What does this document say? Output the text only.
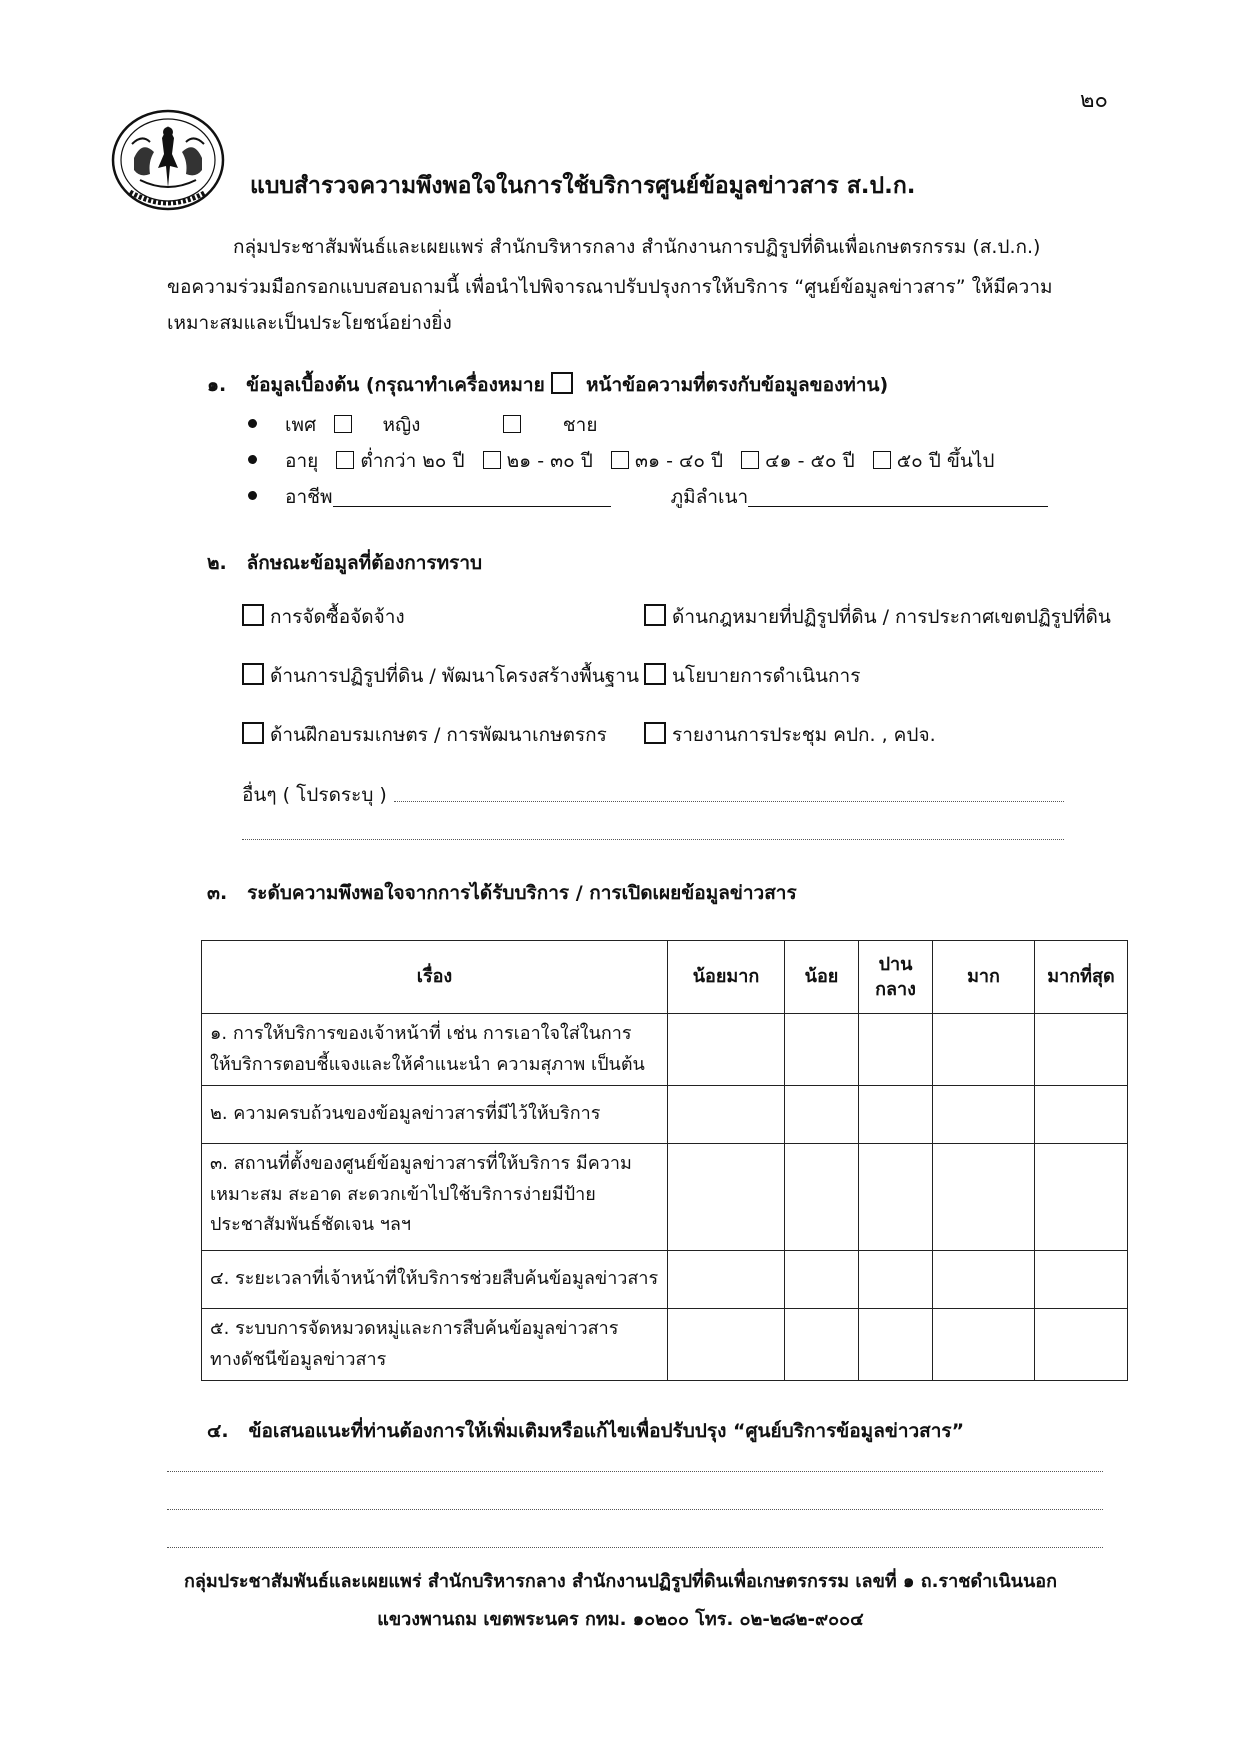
๒๐
แบบสำรวจความพึงพอใจในการใช้บริการศูนย์ข้อมูลข่าวสาร ส.ป.ก.
กลุ่มประชาสัมพันธ์และเผยแพร่ สำนักบริหารกลาง สำนักงานการปฏิรูปที่ดินเพื่อเกษตรกรรม (ส.ป.ก.)
ขอความร่วมมือกรอกแบบสอบถามนี้ เพื่อนำไปพิจารณาปรับปรุงการให้บริการ “ศูนย์ข้อมูลข่าวสาร” ให้มีความ
เหมาะสมและเป็นประโยชน์อย่างยิ่ง
๑. ข้อมูลเบื้องต้น (กรุณาทำเครื่องหมาย หน้าข้อความที่ตรงกับข้อมูลของท่าน)
เพศ	หญิง	ชาย
อายุ ต่ำกว่า ๒๐ ปี ๒๑ - ๓๐ ปี ๓๑ - ๔๐ ปี ๔๑ - ๕๐ ปี ๕๐ ปี ขึ้นไป
อาชีพ	ภูมิลำเนา
๒. ลักษณะข้อมูลที่ต้องการทราบ
การจัดซื้อจัดจ้าง	ด้านกฎหมายที่ปฏิรูปที่ดิน / การประกาศเขตปฏิรูปที่ดิน
ด้านการปฏิรูปที่ดิน / พัฒนาโครงสร้างพื้นฐาน	นโยบายการดำเนินการ
ด้านฝึกอบรมเกษตร / การพัฒนาเกษตรกร	รายงานการประชุม คปก. , คปจ.
อื่นๆ ( โปรดระบุ )
๓. ระดับความพึงพอใจจากการได้รับบริการ / การเปิดเผยข้อมูลข่าวสาร
เรื่อง	น้อยมาก	น้อย	ปาน กลาง	มาก	มากที่สุด
๑. การให้บริการของเจ้าหน้าที่ เช่น การเอาใจใส่ในการ
ให้บริการตอบชี้แจงและให้คำแนะนำ ความสุภาพ เป็นต้น					
๒. ความครบถ้วนของข้อมูลข่าวสารที่มีไว้ให้บริการ					
๓. สถานที่ตั้งของศูนย์ข้อมูลข่าวสารที่ให้บริการ มีความ
เหมาะสม สะอาด สะดวกเข้าไปใช้บริการง่ายมีป้าย
ประชาสัมพันธ์ชัดเจน ฯลฯ					
๔. ระยะเวลาที่เจ้าหน้าที่ให้บริการช่วยสืบค้นข้อมูลข่าวสาร					
๕. ระบบการจัดหมวดหมู่และการสืบค้นข้อมูลข่าวสาร
ทางดัชนีข้อมูลข่าวสาร					
๔. ข้อเสนอแนะที่ท่านต้องการให้เพิ่มเติมหรือแก้ไขเพื่อปรับปรุง “ศูนย์บริการข้อมูลข่าวสาร”
กลุ่มประชาสัมพันธ์และเผยแพร่ สำนักบริหารกลาง สำนักงานปฏิรูปที่ดินเพื่อเกษตรกรรม เลขที่ ๑ ถ.ราชดำเนินนอก
แขวงพานถม เขตพระนคร กทม. ๑๐๒๐๐ โทร. ๐๒-๒๘๒-๙๐๐๔
